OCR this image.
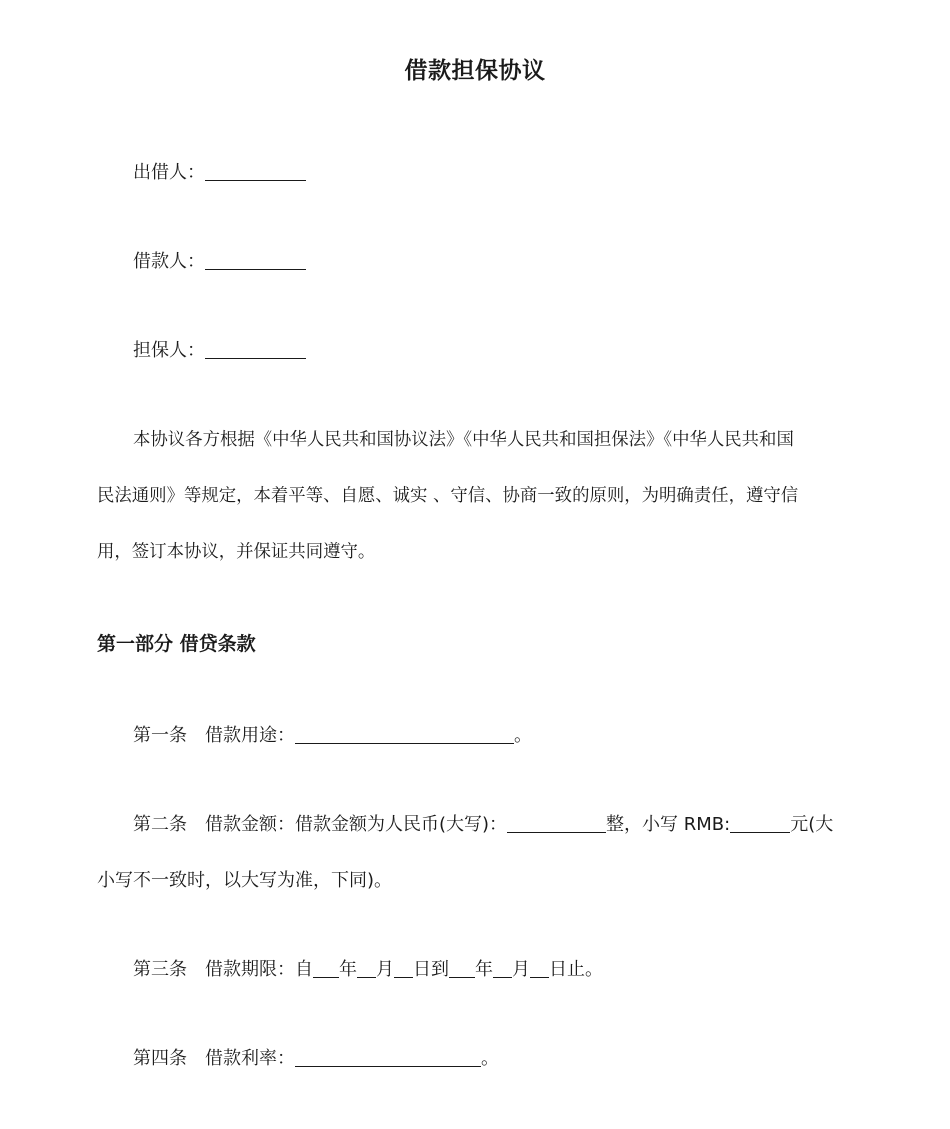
借款担保协议
出借人：
借款人：
担保人：
本协议各方根据《中华人民共和国协议法》《中华人民共和国担保法》《中华人民共和国
民法通则》等规定，本着平等、自愿、诚实 、守信、协商一致的原则，为明确责任，遵守信
用，签订本协议，并保证共同遵守。
第一部分 借贷条款
第一条 借款用途：	。
第二条 借款金额：借款金额为人民币(大写)：	整，小写 RMB:	元(大
小写不一致时，以大写为准，下同)。
第三条 借款期限：自 年 月 日到 年 月 日止。
第四条 借款利率：	。
